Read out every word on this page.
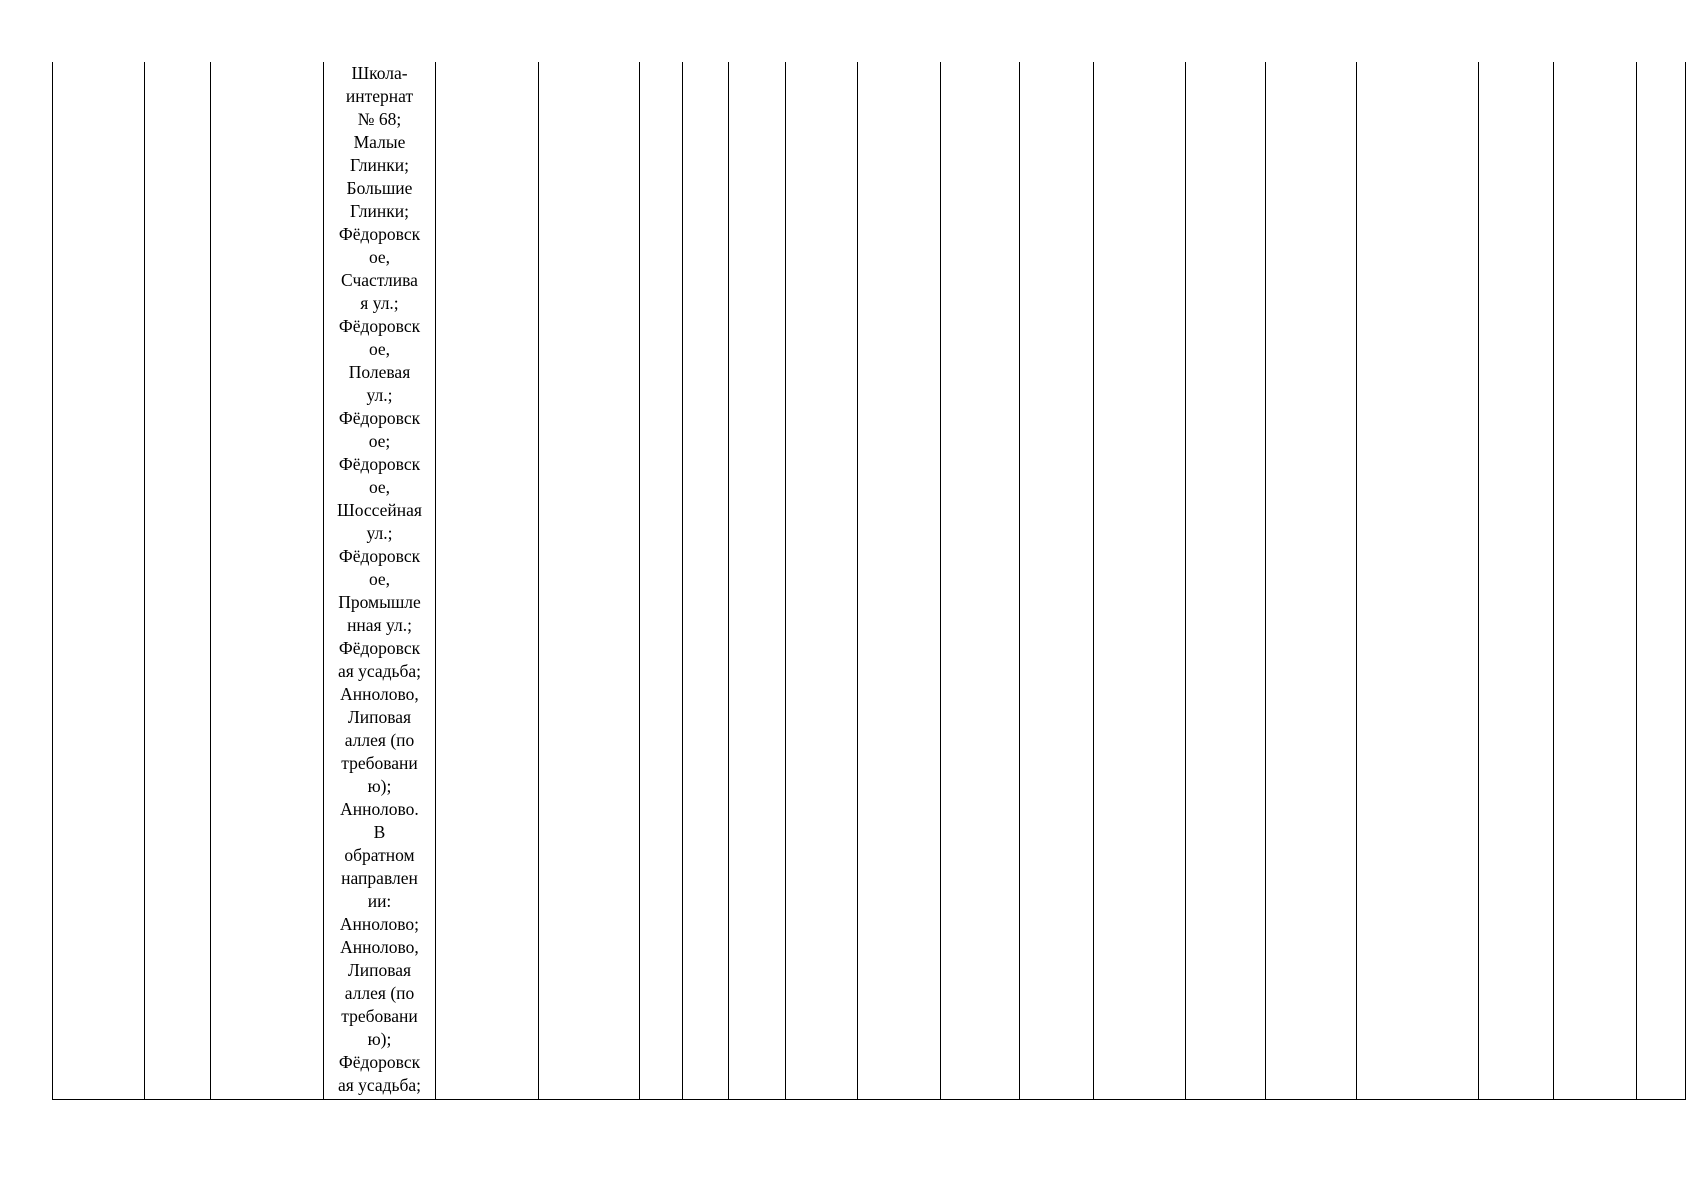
Школа-
интернат
№ 68;
Малые
Глинки;
Большие
Глинки;
Фёдоровск
ое,
Счастлива
я ул.;
Фёдоровск
ое,
Полевая
ул.;
Фёдоровск
ое;
Фёдоровск
ое,
Шоссейная
ул.;
Фёдоровск
ое,
Промышле
нная ул.;
Фёдоровск
ая усадьба;
Аннолово,
Липовая
аллея (по
требовани
ю);
Аннолово.
В
обратном
направлен
ии:
Аннолово;
Аннолово,
Липовая
аллея (по
требовани
ю);
Фёдоровск
ая усадьба;
